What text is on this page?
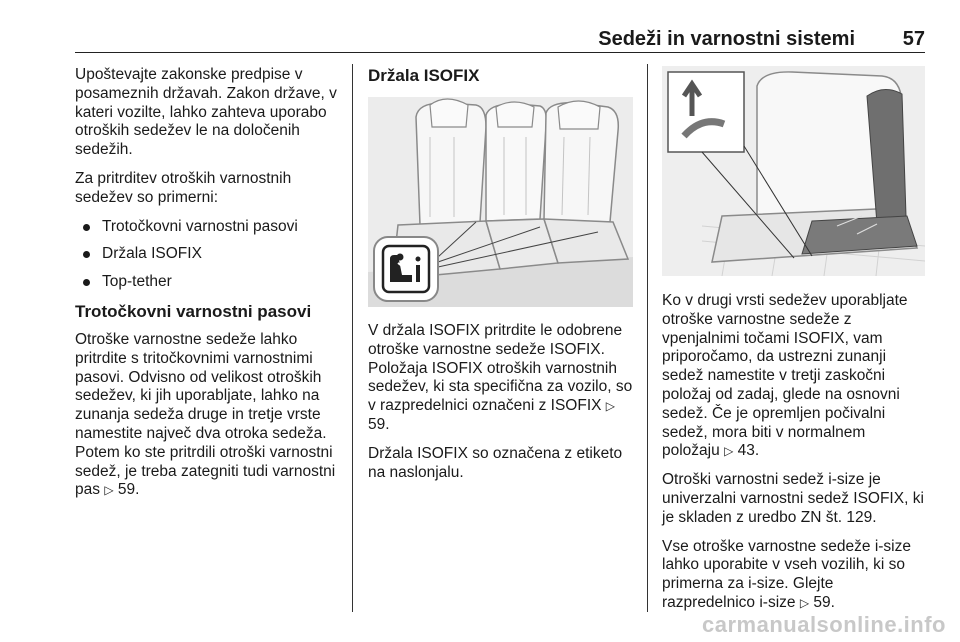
Sedeži in varnostni sistemi 57

Upoštevajte zakonske predpise v posameznih državah. Zakon države, v kateri vozilte, lahko zahteva uporabo otroških sedežev le na določenih sedežih.

Za pritrditev otroških varnostnih sedežev so primerni:

Trotočkovni varnostni pasovi
Držala ISOFIX
Top-tether
Trotočkovni varnostni pasovi

Otroške varnostne sedeže lahko pritrdite s tritočkovnimi varnostnimi pasovi. Odvisno od velikost otroških sedežev, ki jih uporabljate, lahko na zunanja sedeža druge in tretje vrste namestite največ dva otroka sedeža. Potem ko ste pritrdili otroški varnostni sedež, je treba zategniti tudi varnostni pas ▷ 59.

Držala ISOFIX

V držala ISOFIX pritrdite le odobrene otroške varnostne sedeže ISOFIX. Položaja ISOFIX otroških varnostnih sedežev, ki sta specifična za vozilo, so v razpredelnici označeni z ISOFIX ▷ 59.

Držala ISOFIX so označena z etiketo na naslonjalu.

Ko v drugi vrsti sedežev uporabljate otroške varnostne sedeže z vpenjalnimi točami ISOFIX, vam priporočamo, da ustrezni zunanji sedež namestite v tretji zaskočni položaj od zadaj, glede na osnovni sedež. Če je opremljen počivalni sedež, mora biti v normalnem položaju ▷ 43.

Otroški varnostni sedež i-size je univerzalni varnostni sedež ISOFIX, ki je skladen z uredbo ZN št. 129.

Vse otroške varnostne sedeže i-size lahko uporabite v vseh vozilih, ki so primerna za i-size. Glejte razpredelnico i-size ▷ 59.

carmanualsonline.info
